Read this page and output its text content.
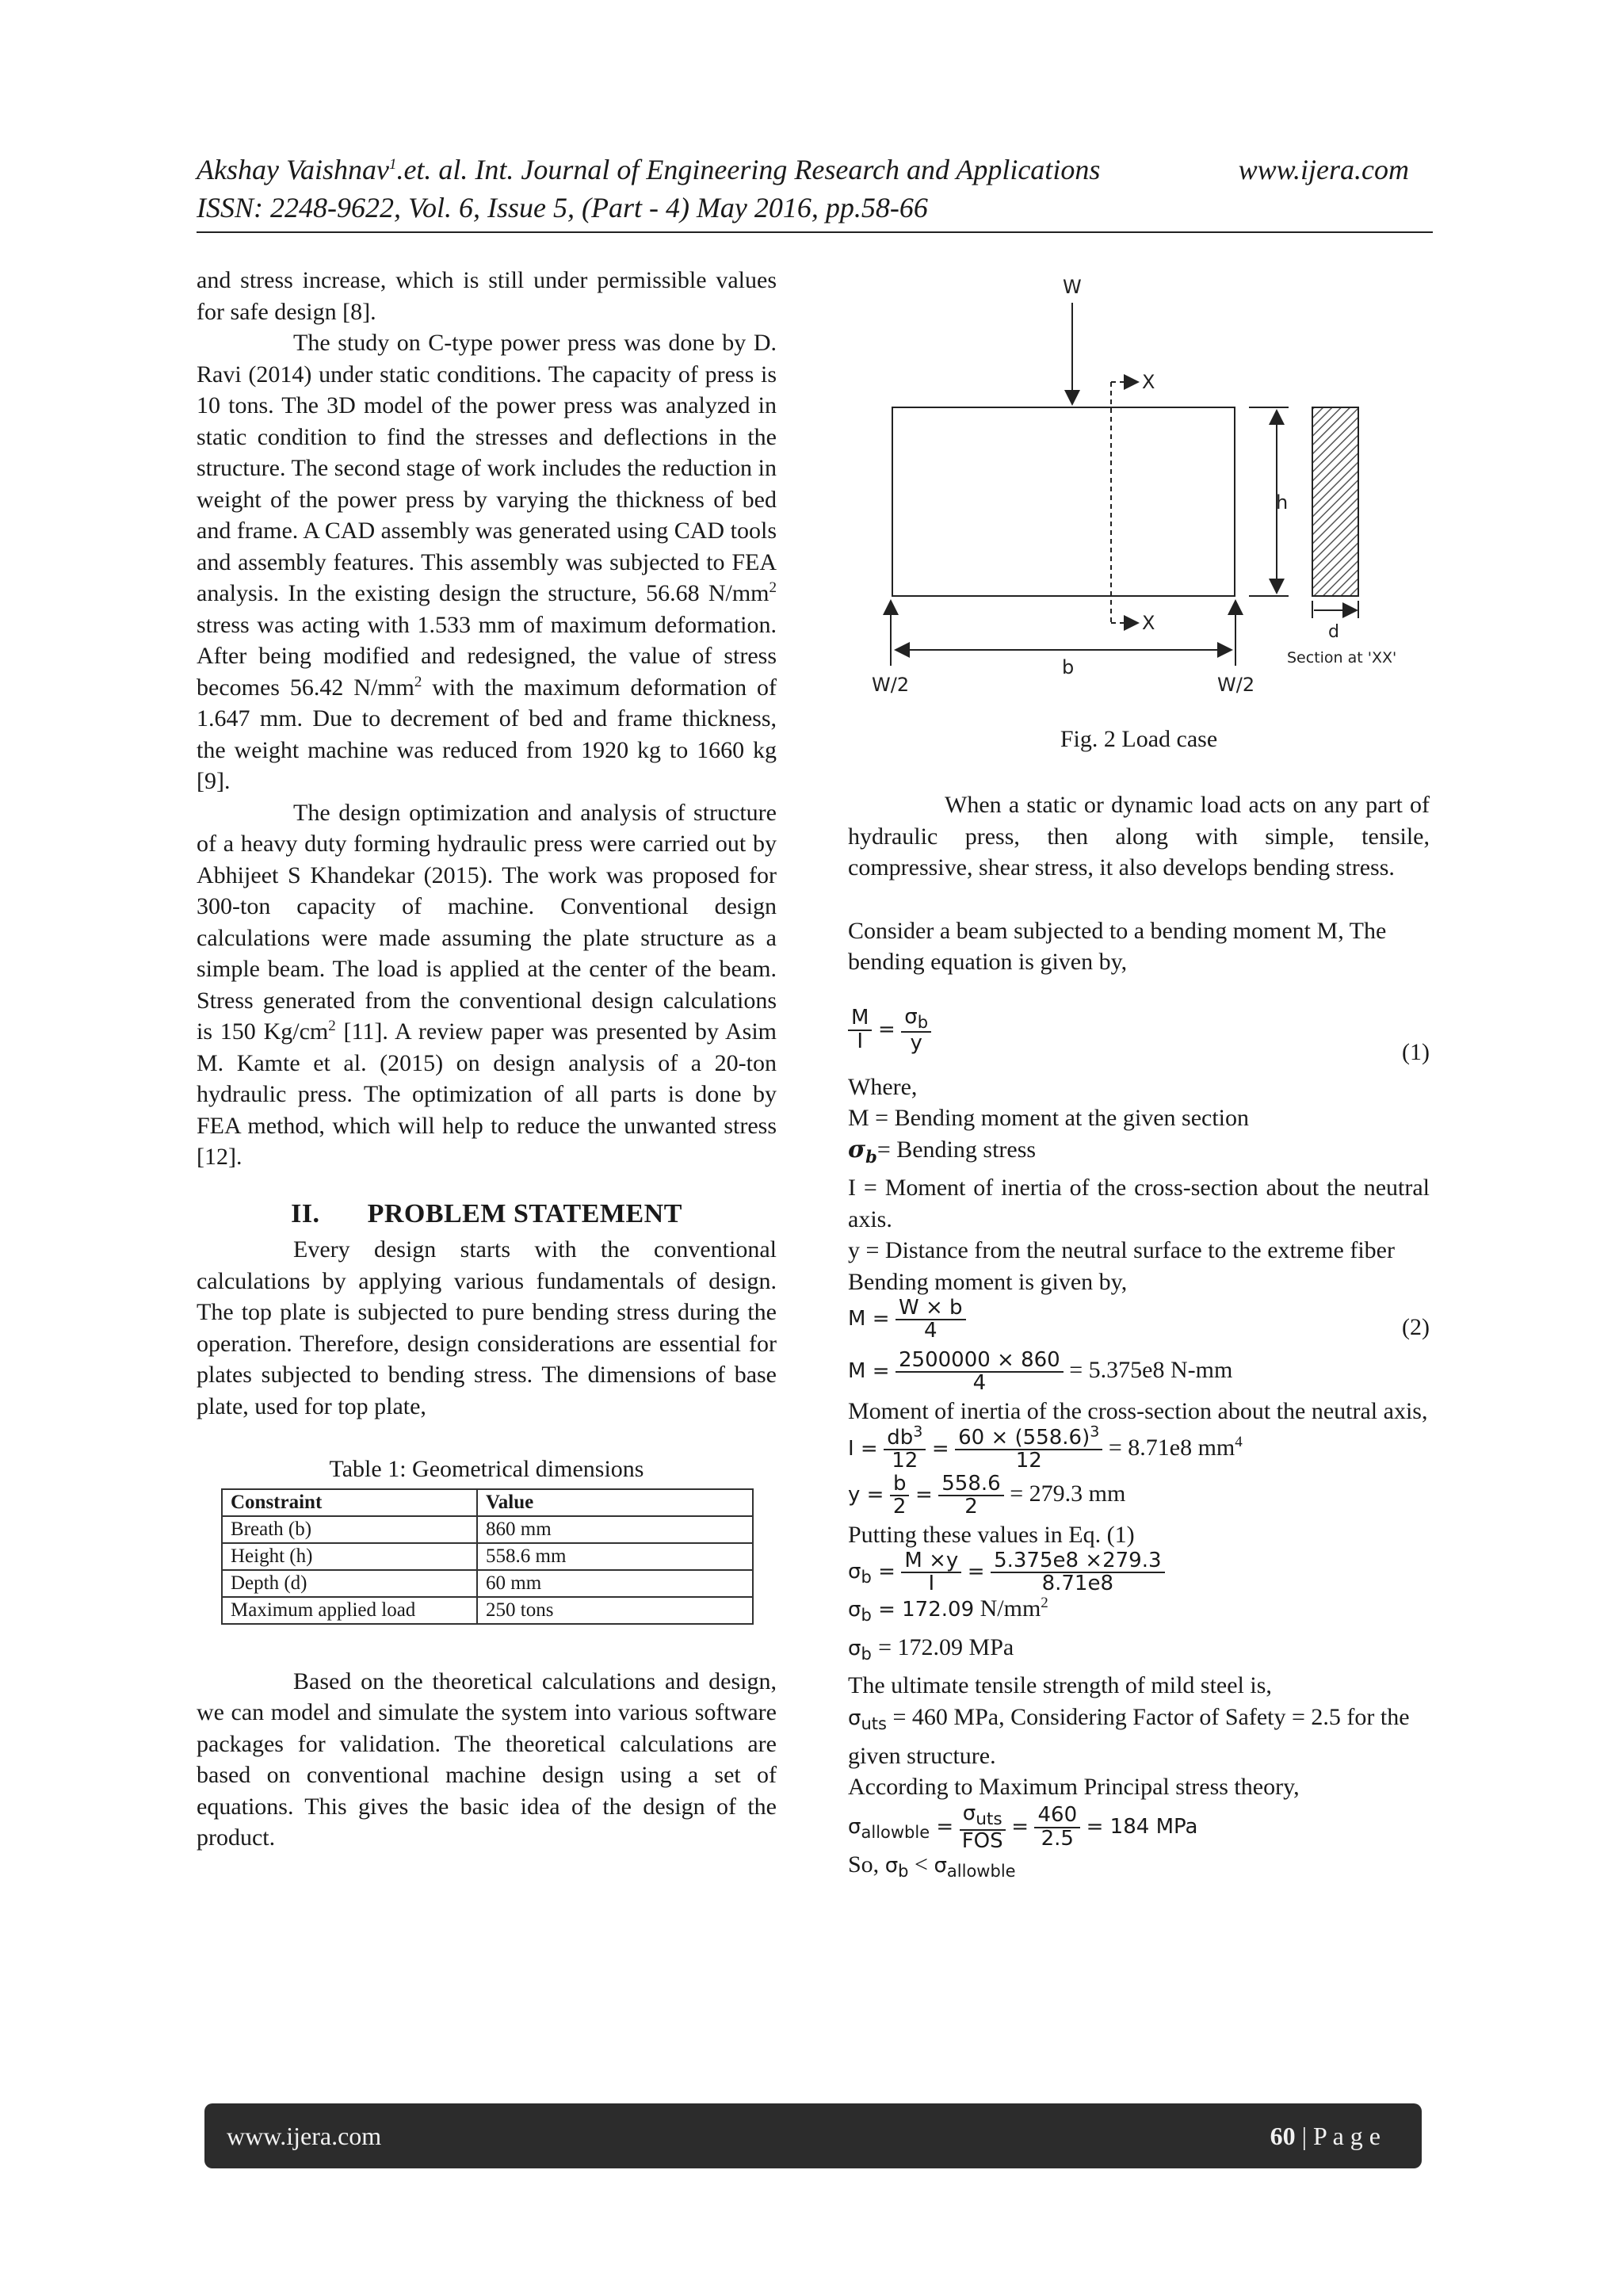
Akshay Vaishnav$^1$.et. al. Int. Journal of Engineering Research and Applications	www.ijera.com
ISSN: 2248-9622, Vol. 6, Issue 5, (Part - 4) May 2016, pp.58-66

and stress increase, which is still under permissible values for safe design [8].

The study on C-type power press was done by D. Ravi (2014) under static conditions. The capacity of press is 10 tons. The 3D model of the power press was analyzed in static condition to find the stresses and deflections in the structure. The second stage of work includes the reduction in weight of the power press by varying the thickness of bed and frame. A CAD assembly was generated using CAD tools and assembly features. This assembly was subjected to FEA analysis. In the existing design the structure, 56.68 $N/mm^2$ stress was acting with 1.533 mm of maximum deformation. After being modified and redesigned, the value of stress becomes 56.42 $N/mm^2$ with the maximum deformation of 1.647 mm. Due to decrement of bed and frame thickness, the weight machine was reduced from 1920 kg to 1660 kg [9].

The design optimization and analysis of structure of a heavy duty forming hydraulic press were carried out by Abhijeet S Khandekar (2015). The work was proposed for 300-ton capacity of machine. Conventional design calculations were made assuming the plate structure as a simple beam. The load is applied at the center of the beam. Stress generated from the conventional design calculations is 150 $Kg/cm^2$ [11]. A review paper was presented by Asim M. Kamte et al. (2015) on design analysis of a 20-ton hydraulic press. The optimization of all parts is done by FEA method, which will help to reduce the unwanted stress [12].

II. PROBLEM STATEMENT

Every design starts with the conventional calculations by applying various fundamentals of design. The top plate is subjected to pure bending stress during the operation. Therefore, design considerations are essential for plates subjected to bending stress. The dimensions of base plate, used for top plate,

Table 1: Geometrical dimensions

Constraint	Value
Breath (b)	860 mm
Height (h)	558.6 mm
Depth (d)	60 mm
Maximum applied load	250 tons

Based on the theoretical calculations and design, we can model and simulate the system into various software packages for validation. The theoretical calculations are based on conventional machine design using a set of equations. This gives the basic idea of the design of the product.

W
X
X
W/2	W/2
b
h
d
Section at 'XX'
Fig. 2 Load case

When a static or dynamic load acts on any part of hydraulic press, then along with simple, tensile, compressive, shear stress, it also develops bending stress.

Consider a beam subjected to a bending moment M, The bending equation is given by,

$\frac{M}{I} = \frac{\sigma_b}{y}$	(1)

Where,

M = Bending moment at the given section

$\sigma_b=$ Bending stress

I = Moment of inertia of the cross-section about the neutral axis.

y = Distance from the neutral surface to the extreme fiber

Bending moment is given by,

$M = \frac{W \times b}{4}$	(2)
$M = \frac{2500000 \times 860}{4} = 5.375e8$ N-mm

Moment of inertia of the cross-section about the neutral axis,

$I = \frac{db^3}{12} = \frac{60 \times (558.6)^3}{12} = 8.71e8$ $mm^4$
$y = \frac{b}{2} = \frac{558.6}{2} = 279.3$ mm

Putting these values in Eq. (1)

$\sigma_b = \frac{M \times y}{I} = \frac{5.375e8 \times 279.3}{8.71e8}$

$\sigma_b = 172.09$ $N/mm^2$

$\sigma_b = 172.09$ MPa

The ultimate tensile strength of mild steel is,

$\sigma_{uts} = 460$ MPa, Considering Factor of Safety = 2.5 for the given structure.

According to Maximum Principal stress theory,

$\sigma_{allowble} = \frac{\sigma_{uts}}{\text{FOS}} = \frac{460}{2.5} = 184$ MPa

So, $\sigma_b < \sigma_{allowble}$

www.ijera.com	60 | P a g e
